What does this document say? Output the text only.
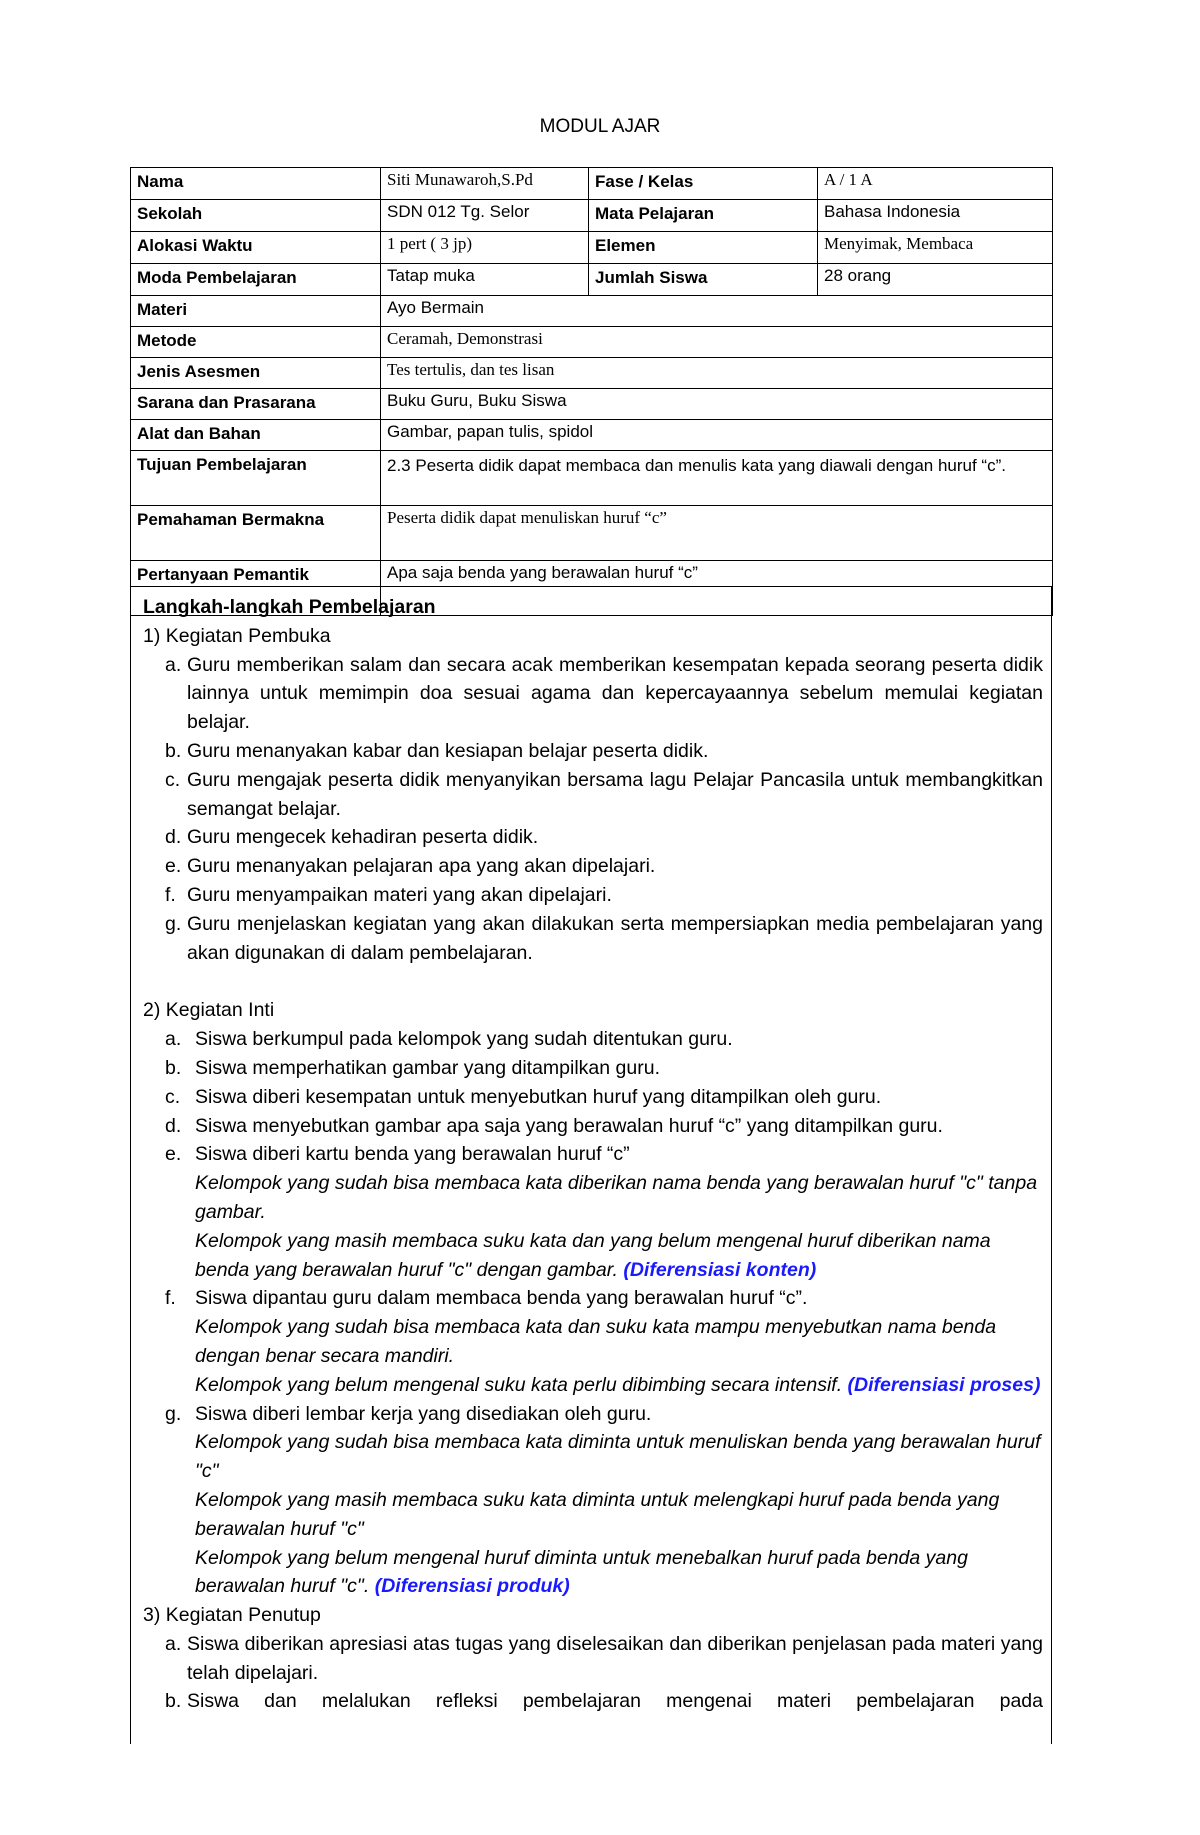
MODUL AJAR
Nama	Siti Munawaroh,S.Pd	Fase / Kelas	A / 1 A
Sekolah	SDN 012 Tg. Selor	Mata Pelajaran	Bahasa Indonesia
Alokasi Waktu	1 pert ( 3 jp)	Elemen	Menyimak, Membaca
Moda Pembelajaran	Tatap muka	Jumlah Siswa	28 orang
Materi	Ayo Bermain		
Metode	Ceramah, Demonstrasi		
Jenis Asesmen	Tes tertulis, dan tes lisan		
Sarana dan Prasarana	Buku Guru, Buku Siswa		
Alat dan Bahan	Gambar, papan tulis, spidol		
Tujuan Pembelajaran	2.3 Peserta didik dapat membaca dan menulis kata yang diawali dengan huruf “c”.		
Pemahaman Bermakna	Peserta didik dapat menuliskan huruf “c”		
Pertanyaan Pemantik	Apa saja benda yang berawalan huruf “c”		
Langkah-langkah Pembelajaran
1) Kegiatan Pembuka
a. Guru memberikan salam dan secara acak memberikan kesempatan kepada seorang peserta didik lainnya untuk memimpin doa sesuai agama dan kepercayaannya sebelum memulai kegiatan belajar.
b. Guru menanyakan kabar dan kesiapan belajar peserta didik.
c. Guru mengajak peserta didik menyanyikan bersama lagu Pelajar Pancasila untuk membangkitkan semangat belajar.
d. Guru mengecek kehadiran peserta didik.
e. Guru menanyakan pelajaran apa yang akan dipelajari.
f. Guru menyampaikan materi yang akan dipelajari.
g. Guru menjelaskan kegiatan yang akan dilakukan serta mempersiapkan media pembelajaran yang akan digunakan di dalam pembelajaran.
2) Kegiatan Inti
a. Siswa berkumpul pada kelompok yang sudah ditentukan guru.
b. Siswa memperhatikan gambar yang ditampilkan guru.
c. Siswa diberi kesempatan untuk menyebutkan huruf yang ditampilkan oleh guru.
d. Siswa menyebutkan gambar apa saja yang berawalan huruf “c” yang ditampilkan guru.
e. Siswa diberi kartu benda yang berawalan huruf “c”
Kelompok yang sudah bisa membaca kata diberikan nama benda yang berawalan huruf "c" tanpa gambar.
Kelompok yang masih membaca suku kata dan yang belum mengenal huruf diberikan nama benda yang berawalan huruf "c" dengan gambar. (Diferensiasi konten)
f. Siswa dipantau guru dalam membaca benda yang berawalan huruf “c”.
Kelompok yang sudah bisa membaca kata dan suku kata mampu menyebutkan nama benda dengan benar secara mandiri.
Kelompok yang belum mengenal suku kata perlu dibimbing secara intensif. (Diferensiasi proses)
g. Siswa diberi lembar kerja yang disediakan oleh guru.
Kelompok yang sudah bisa membaca kata diminta untuk menuliskan benda yang berawalan huruf "c"
Kelompok yang masih membaca suku kata diminta untuk melengkapi huruf pada benda yang berawalan huruf "c"
Kelompok yang belum mengenal huruf diminta untuk menebalkan huruf pada benda yang berawalan huruf "c". (Diferensiasi produk)
3) Kegiatan Penutup
a. Siswa diberikan apresiasi atas tugas yang diselesaikan dan diberikan penjelasan pada materi yang telah dipelajari.
b. Siswa dan melalukan refleksi pembelajaran mengenai materi pembelajaran pada
